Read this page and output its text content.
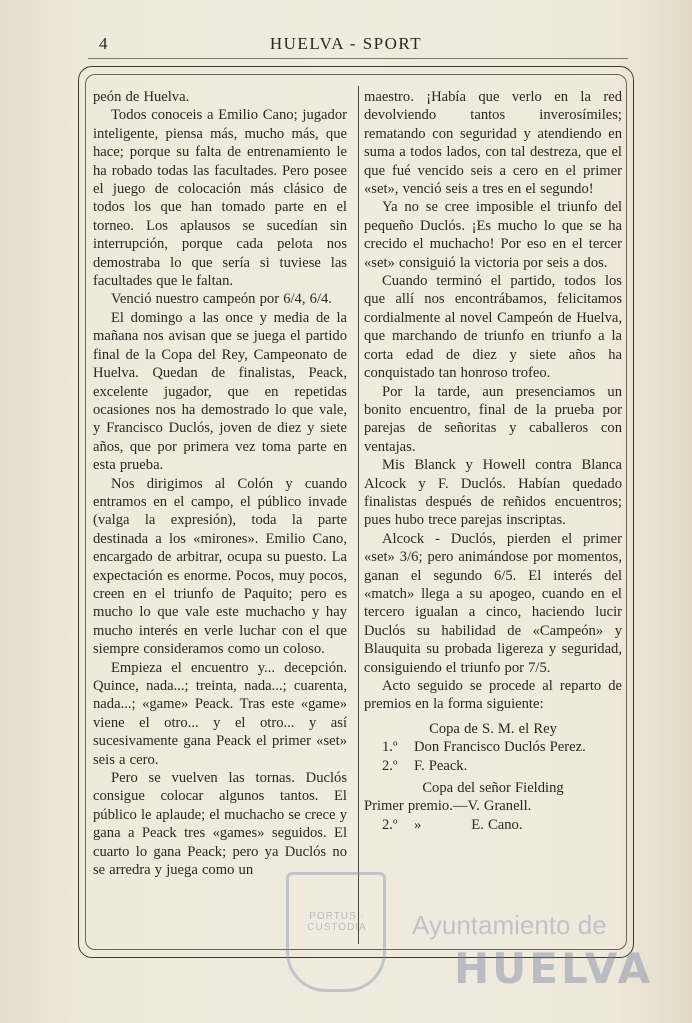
4	HUELVA - SPORT

peón de Huelva.

Todos conoceis a Emilio Cano; jugador inteligente, piensa más, mucho más, que hace; porque su falta de entrenamiento le ha robado todas las facultades. Pero posee el juego de colocación más clásico de todos los que han tomado parte en el torneo. Los aplausos se sucedían sin interrupción, porque cada pelota nos demostraba lo que sería si tuviese las facultades que le faltan.

Venció nuestro campeón por 6/4, 6/4.

El domingo a las once y media de la mañana nos avisan que se juega el partido final de la Copa del Rey, Campeonato de Huelva. Quedan de finalistas, Peack, excelente jugador, que en repetidas ocasiones nos ha demostrado lo que vale, y Francisco Duclós, joven de diez y siete años, que por primera vez toma parte en esta prueba.

Nos dirigimos al Colón y cuando entramos en el campo, el público invade (valga la expresión), toda la parte destinada a los «mirones». Emilio Cano, encargado de arbitrar, ocupa su puesto. La expectación es enorme. Pocos, muy pocos, creen en el triunfo de Paquito; pero es mucho lo que vale este muchacho y hay mucho interés en verle luchar con el que siempre consideramos como un coloso.

Empieza el encuentro y... decepción. Quince, nada...; treinta, nada...; cuarenta, nada...; «game» Peack. Tras este «game» viene el otro... y el otro... y así sucesivamente gana Peack el primer «set» seis a cero.

Pero se vuelven las tornas. Duclós consigue colocar algunos tantos. El público le aplaude; el muchacho se crece y gana a Peack tres «games» seguidos. El cuarto lo gana Peack; pero ya Duclós no se arredra y juega como un

maestro. ¡Había que verlo en la red devolviendo tantos inverosímiles; rematando con seguridad y atendiendo en suma a todos lados, con tal destreza, que el que fué vencido seis a cero en el primer «set», venció seis a tres en el segundo!

Ya no se cree imposible el triunfo del pequeño Duclós. ¡Es mucho lo que se ha crecido el muchacho! Por eso en el tercer «set» consiguió la victoria por seis a dos.

Cuando terminó el partido, todos los que allí nos encontrábamos, felicitamos cordialmente al novel Campeón de Huelva, que marchando de triunfo en triunfo a la corta edad de diez y siete años ha conquistado tan honroso trofeo.

Por la tarde, aun presenciamos un bonito encuentro, final de la prueba por parejas de señoritas y caballeros con ventajas.

Mis Blanck y Howell contra Blanca Alcock y F. Duclós. Habían quedado finalistas después de reñidos encuentros; pues hubo trece parejas inscriptas.

Alcock - Duclós, pierden el primer «set» 3/6; pero animándose por momentos, ganan el segundo 6/5. El interés del «match» llega a su apogeo, cuando en el tercero igualan a cinco, haciendo lucir Duclós su habilidad de «Campeón» y Blauquita su probada ligereza y seguridad, consiguiendo el triunfo por 7/5.

Acto seguido se procede al reparto de premios en la forma siguiente:

Copa de S. M. el Rey

1.º	Don Francisco Duclós Perez.
2.º	F. Peack.

Copa del señor Fielding

Primer premio.—V. Granell.

2.º	»	E. Cano.
PORTUS · CUSTODIA	Ayuntamiento de
HUELVA
